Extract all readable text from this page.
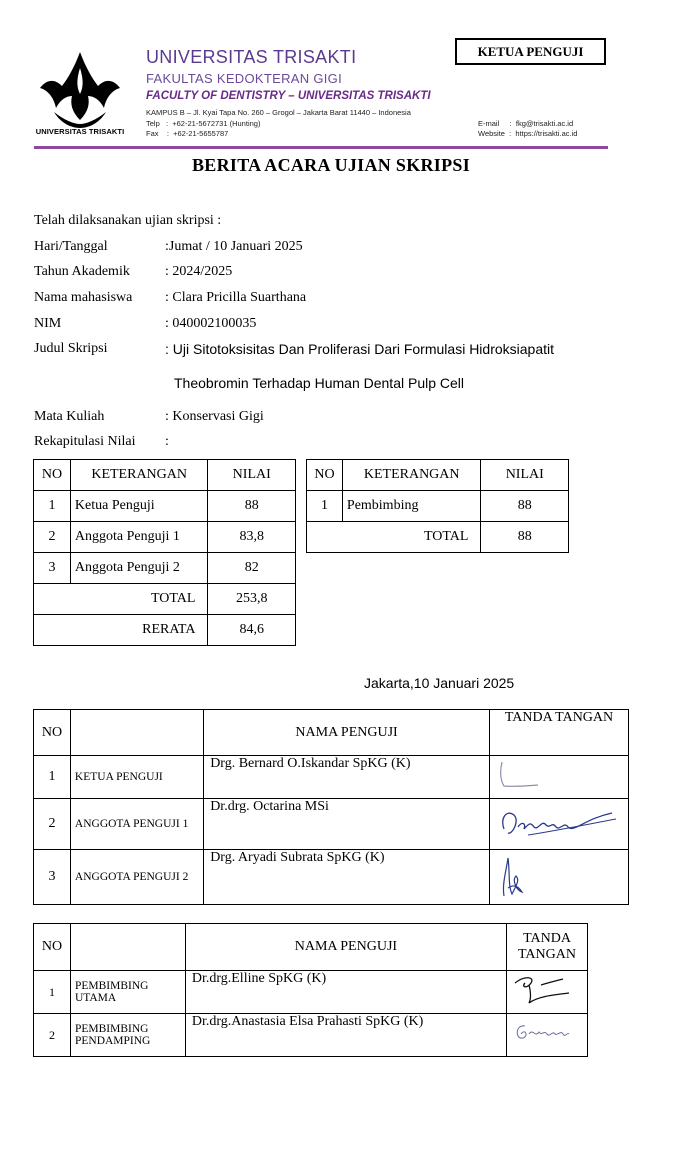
UNIVERSITAS TRISAKTI
UNIVERSITAS TRISAKTI
FAKULTAS KEDOKTERAN GIGI
FACULTY OF DENTISTRY – UNIVERSITAS TRISAKTI
KAMPUS B – Jl. Kyai Tapa No. 260 – Grogol – Jakarta Barat 11440 – Indonesia
Telp   :  +62-21-5672731 (Hunting)
Fax    :  +62-21-5655787
E-mail     :  fkg@trisakti.ac.id
Website  :  https://trisakti.ac.id
KETUA PENGUJI
BERITA ACARA UJIAN SKRIPSI
Telah dilaksanakan ujian skripsi :
Hari/Tanggal	:Jumat / 10 Januari 2025
Tahun Akademik	: 2024/2025
Nama mahasiswa : Clara Pricilla Suarthana
NIM	: 040002100035
Judul Skripsi	: Uji Sitotoksisitas Dan Proliferasi Dari Formulasi Hidroksiapatit
Theobromin Terhadap Human Dental Pulp Cell
Mata Kuliah	: Konservasi Gigi
Rekapitulasi Nilai :
NO	KETERANGAN	NILAI
1	Ketua Penguji	88
2	Anggota Penguji 1	83,8
3	Anggota Penguji 2	82
TOTAL		253,8
RERATA		84,6
NO	KETERANGAN	NILAI
1	Pembimbing	88
TOTAL		88
Jakarta,10 Januari 2025
NO		NAMA PENGUJI	TANDA TANGAN
1	KETUA PENGUJI	Drg. Bernard O.Iskandar SpKG (K)	

2	ANGGOTA PENGUJI 1	Dr.drg. Octarina MSi	

3	ANGGOTA PENGUJI 2	Drg. Aryadi Subrata SpKG (K)	
NO		NAMA PENGUJI	TANDA TANGAN
1	PEMBIMBING UTAMA	Dr.drg.Elline SpKG (K)	

2	PEMBIMBING PENDAMPING	Dr.drg.Anastasia Elsa Prahasti SpKG (K)	
